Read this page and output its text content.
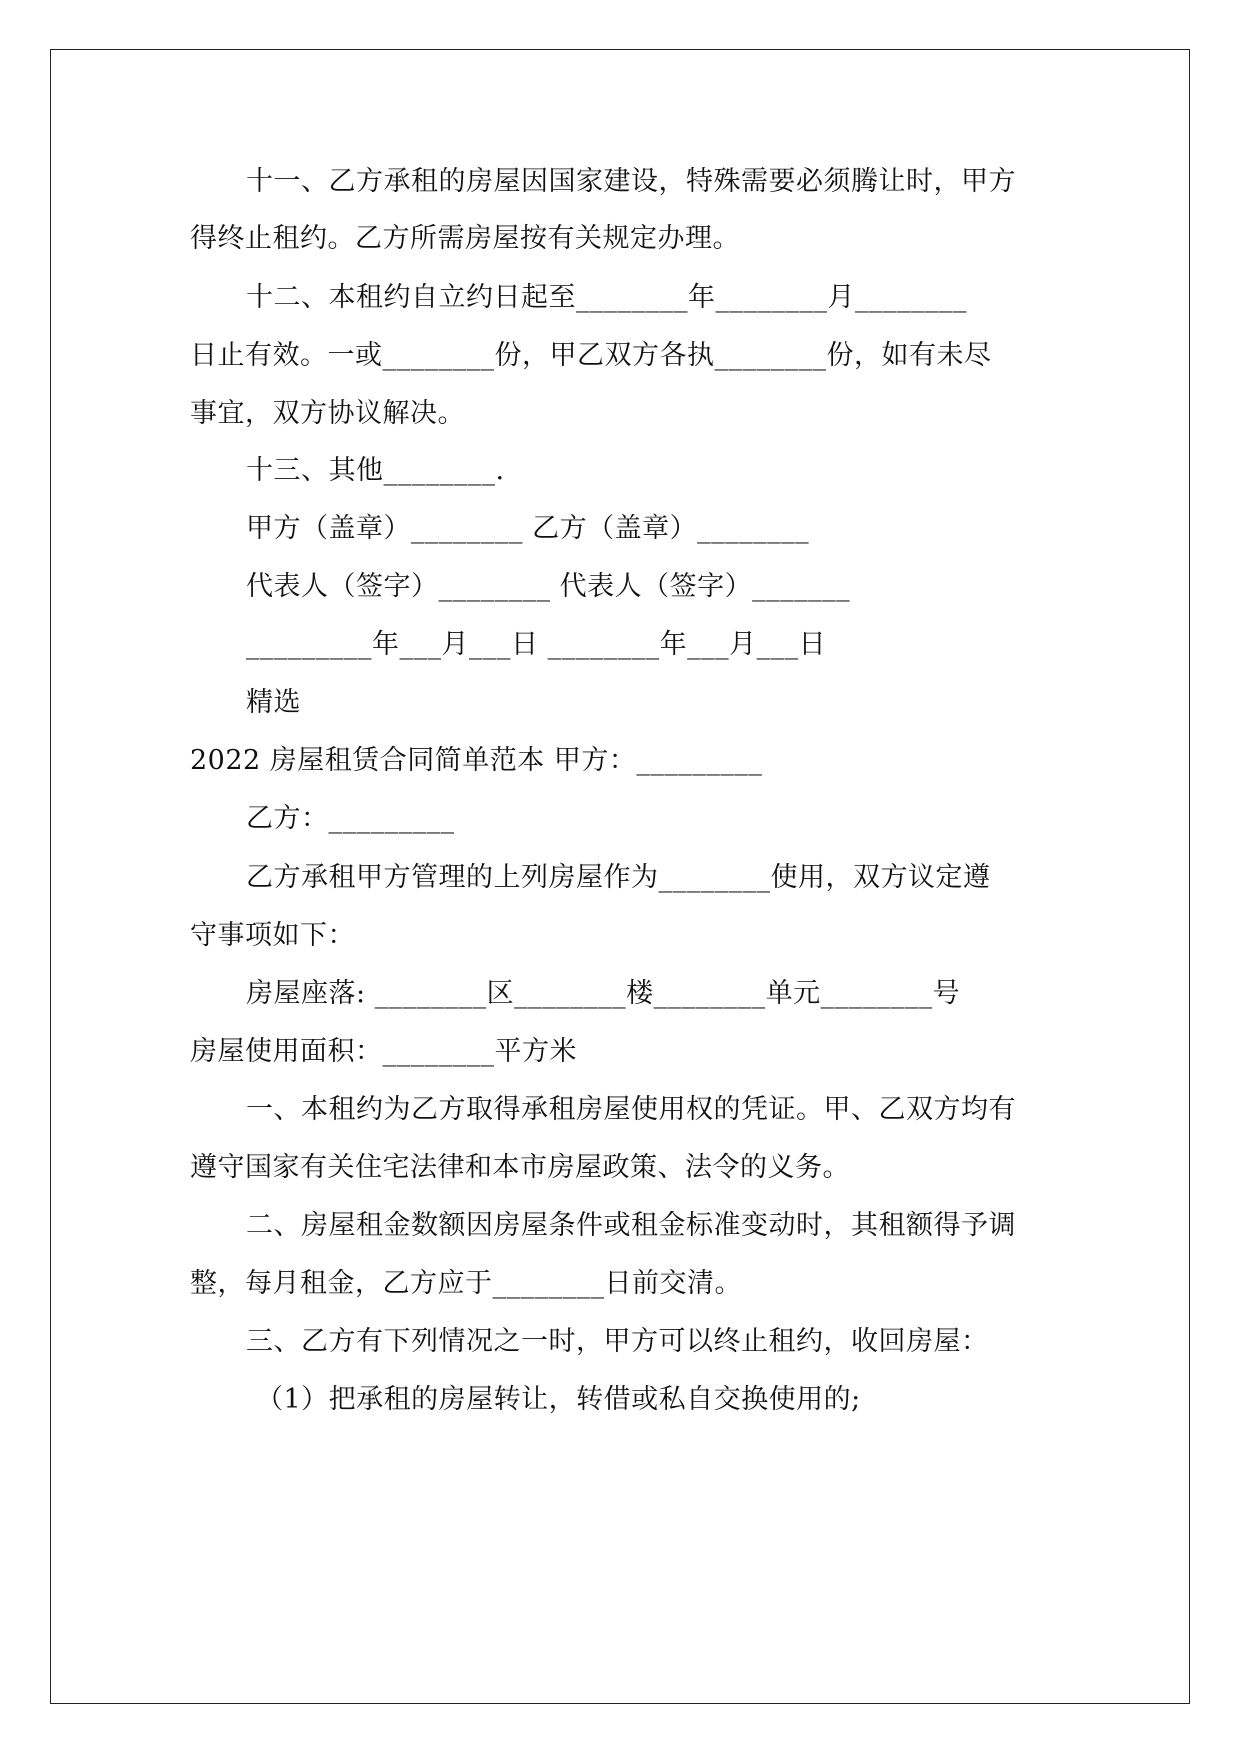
十一、乙方承租的房屋因国家建设，特殊需要必须腾让时，甲方
得终止租约。乙方所需房屋按有关规定办理。
十二、本租约自立约日起至________年________月________
日止有效。一或________份，甲乙双方各执________份，如有未尽
事宜，双方协议解决。
十三、其他________.
甲方（盖章）________ 乙方（盖章）________
代表人（签字）________ 代表人（签字）_______
_________年___月___日 ________年___月___日
精选
2022 房屋租赁合同简单范本 甲方：_________
乙方：_________
乙方承租甲方管理的上列房屋作为________使用，双方议定遵
守事项如下：
房屋座落: ________区________楼________单元________号
房屋使用面积：________平方米
一、本租约为乙方取得承租房屋使用权的凭证。甲、乙双方均有
遵守国家有关住宅法律和本市房屋政策、法令的义务。
二、房屋租金数额因房屋条件或租金标准变动时，其租额得予调
整，每月租金，乙方应于________日前交清。
三、乙方有下列情况之一时，甲方可以终止租约，收回房屋：
（1）把承租的房屋转让，转借或私自交换使用的;
